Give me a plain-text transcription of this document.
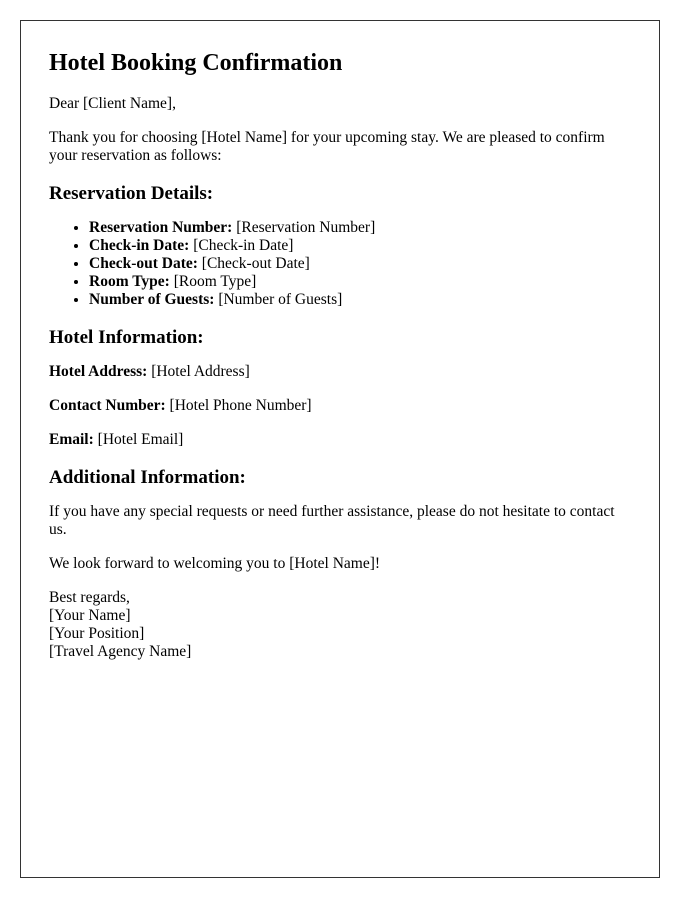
Hotel Booking Confirmation

Dear [Client Name],

Thank you for choosing [Hotel Name] for your upcoming stay. We are pleased to confirm your reservation as follows:

Reservation Details:
• Reservation Number: [Reservation Number]
• Check-in Date: [Check-in Date]
• Check-out Date: [Check-out Date]
• Room Type: [Room Type]
• Number of Guests: [Number of Guests]
Hotel Information:

Hotel Address: [Hotel Address]

Contact Number: [Hotel Phone Number]

Email: [Hotel Email]

Additional Information:

If you have any special requests or need further assistance, please do not hesitate to contact us.

We look forward to welcoming you to [Hotel Name]!

Best regards,

[Your Name]

[Your Position]

[Travel Agency Name]
